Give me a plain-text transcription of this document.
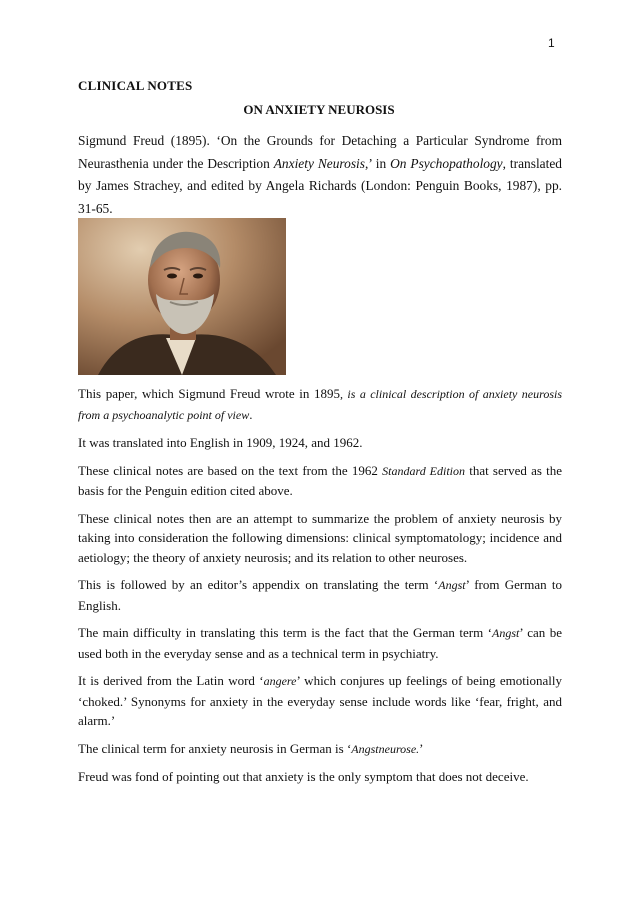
1
CLINICAL NOTES
ON ANXIETY NEUROSIS
Sigmund Freud (1895). ‘On the Grounds for Detaching a Particular Syndrome from Neurasthenia under the Description Anxiety Neurosis,’ in On Psychopathology, translated by James Strachey, and edited by Angela Richards (London: Penguin Books, 1987), pp. 31-65.

This paper, which Sigmund Freud wrote in 1895, is a clinical description of anxiety neurosis from a psychoanalytic point of view.

It was translated into English in 1909, 1924, and 1962.

These clinical notes are based on the text from the 1962 Standard Edition that served as the basis for the Penguin edition cited above.

These clinical notes then are an attempt to summarize the problem of anxiety neurosis by taking into consideration the following dimensions: clinical symptomatology; incidence and aetiology; the theory of anxiety neurosis; and its relation to other neuroses.

This is followed by an editor’s appendix on translating the term ‘Angst’ from German to English.

The main difficulty in translating this term is the fact that the German term ‘Angst’ can be used both in the everyday sense and as a technical term in psychiatry.

It is derived from the Latin word ‘angere’ which conjures up feelings of being emotionally ‘choked.’ Synonyms for anxiety in the everyday sense include words like ‘fear, fright, and alarm.’

The clinical term for anxiety neurosis in German is ‘Angstneurose.’

Freud was fond of pointing out that anxiety is the only symptom that does not deceive.
